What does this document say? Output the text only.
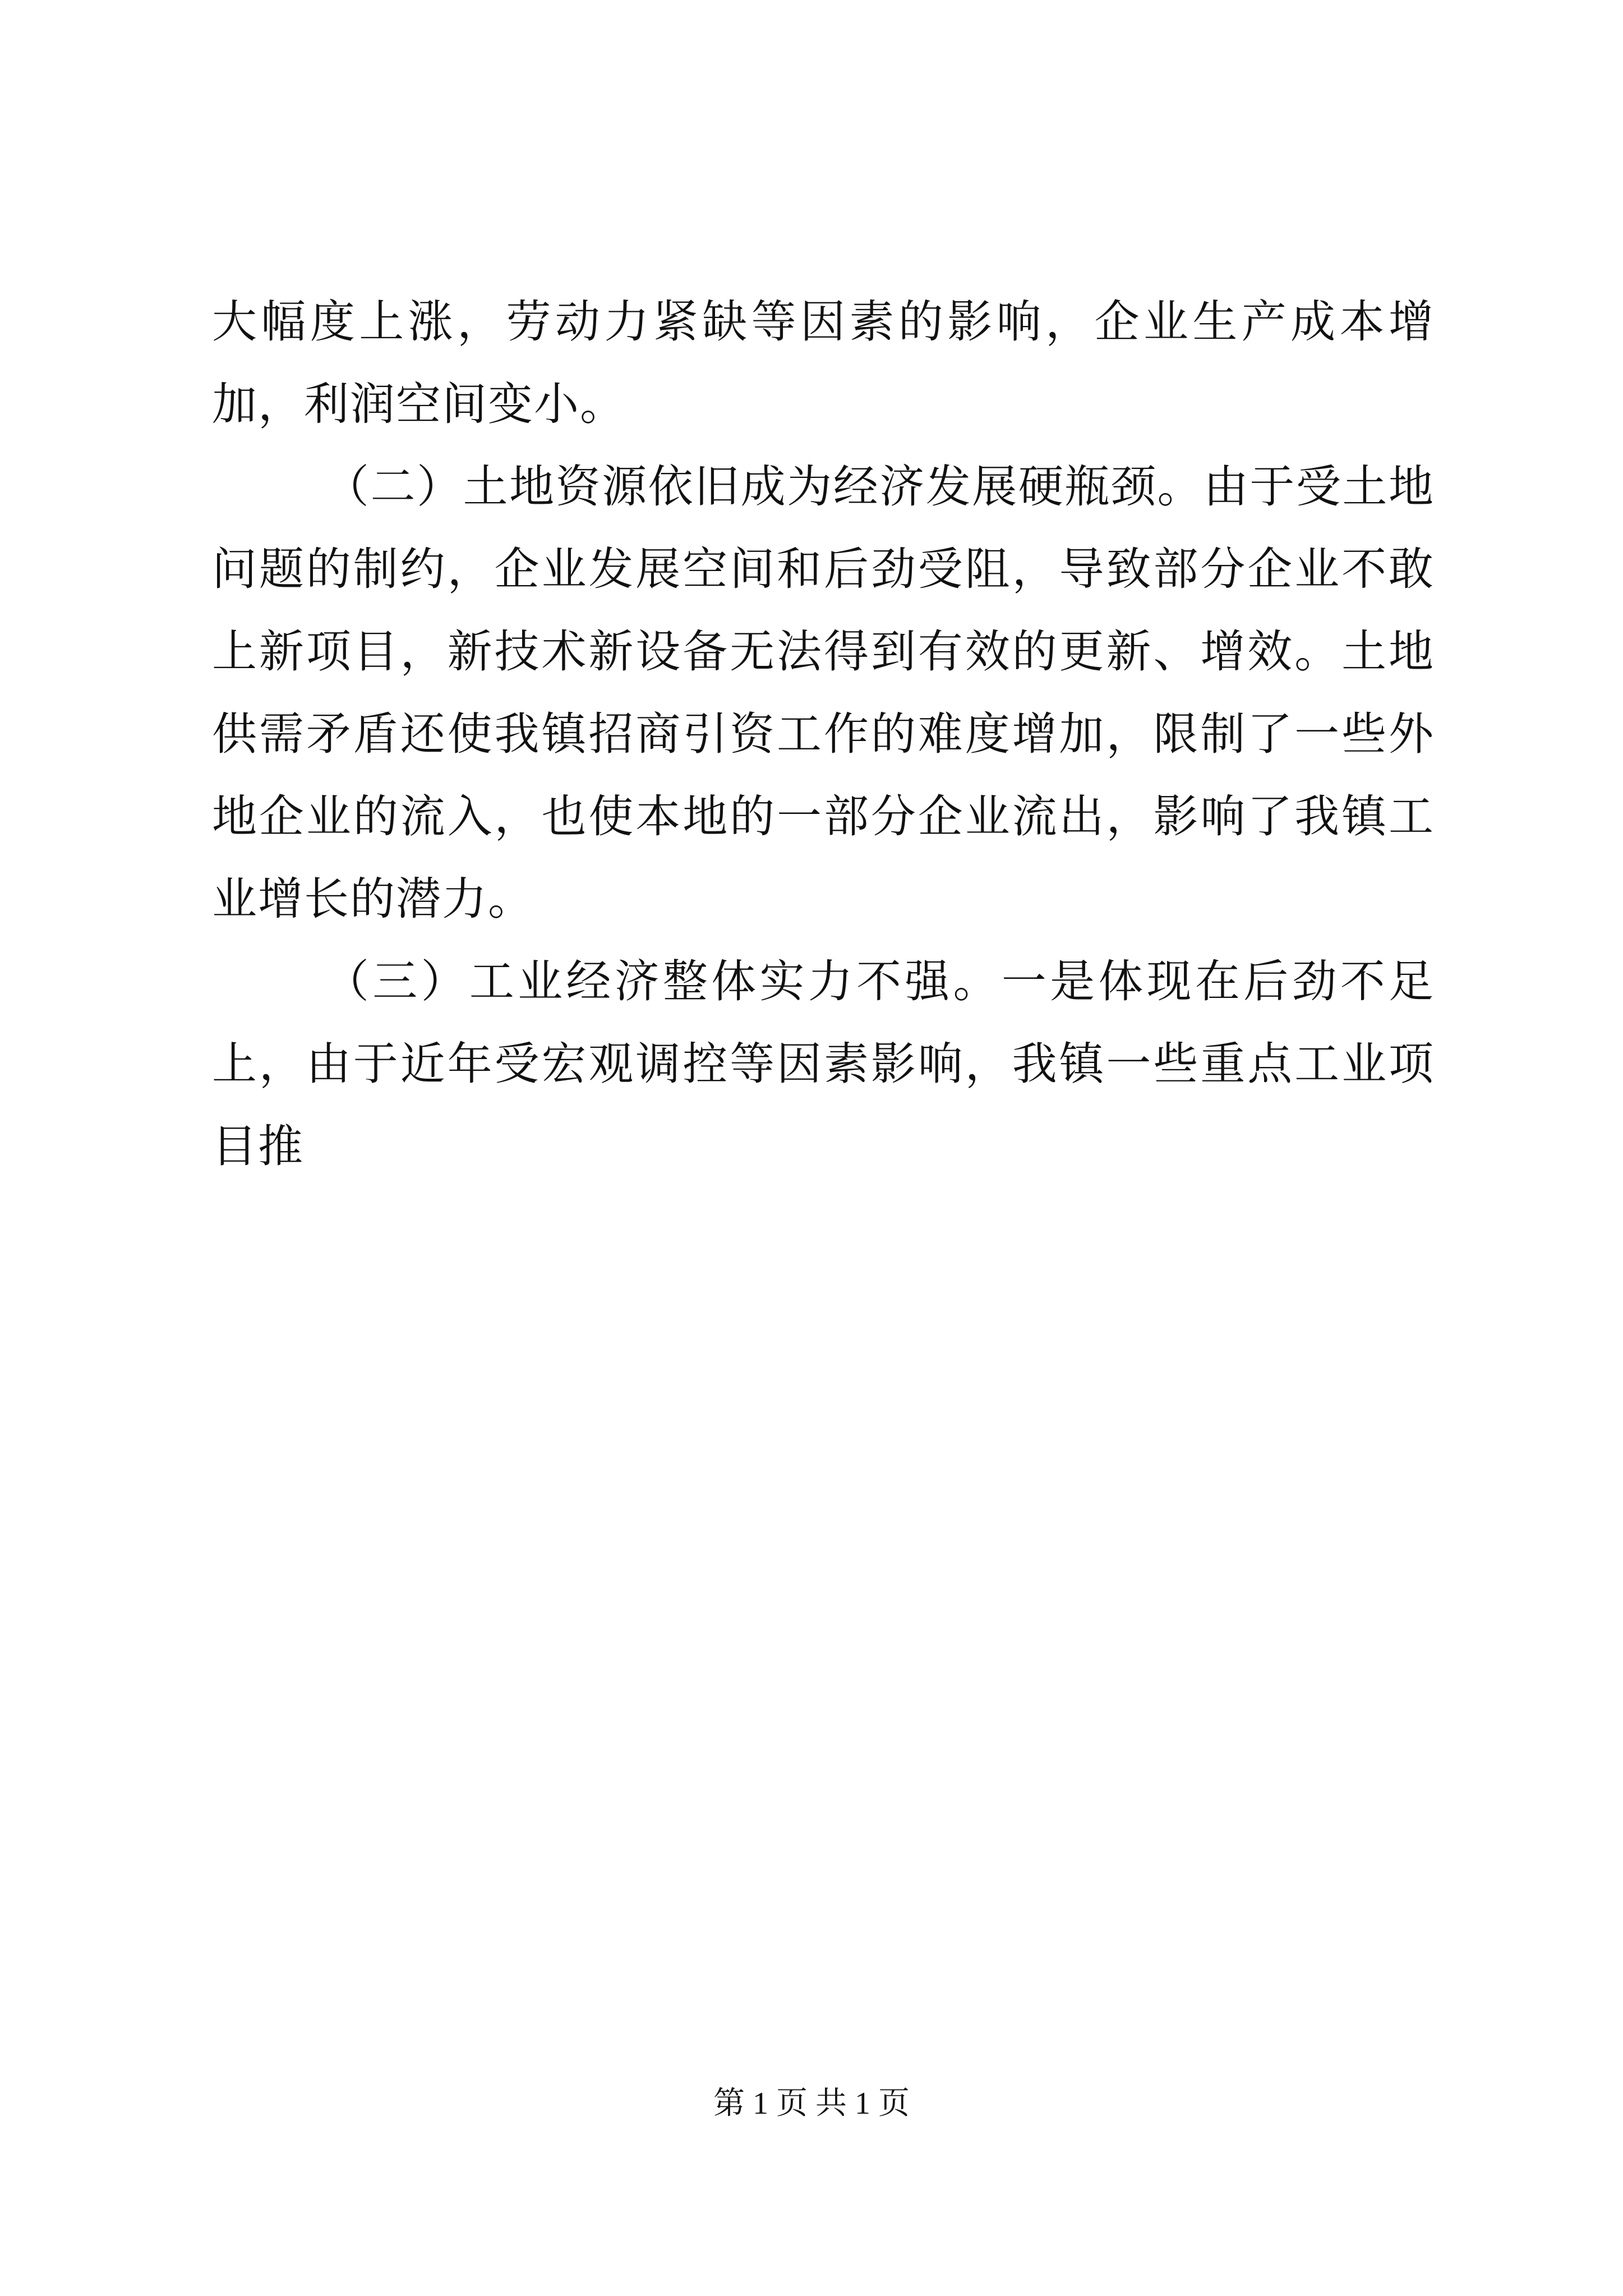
大幅度上涨，劳动力紧缺等因素的影响，企业生产成本增加，利润空间变小。

（二）土地资源依旧成为经济发展硬瓶颈。由于受土地问题的制约，企业发展空间和后劲受阻，导致部分企业不敢上新项目，新技术新设备无法得到有效的更新、增效。土地供需矛盾还使我镇招商引资工作的难度增加，限制了一些外地企业的流入，也使本地的一部分企业流出，影响了我镇工业增长的潜力。

（三）工业经济整体实力不强。一是体现在后劲不足上，由于近年受宏观调控等因素影响，我镇一些重点工业项目推

第 1 页 共 1 页
